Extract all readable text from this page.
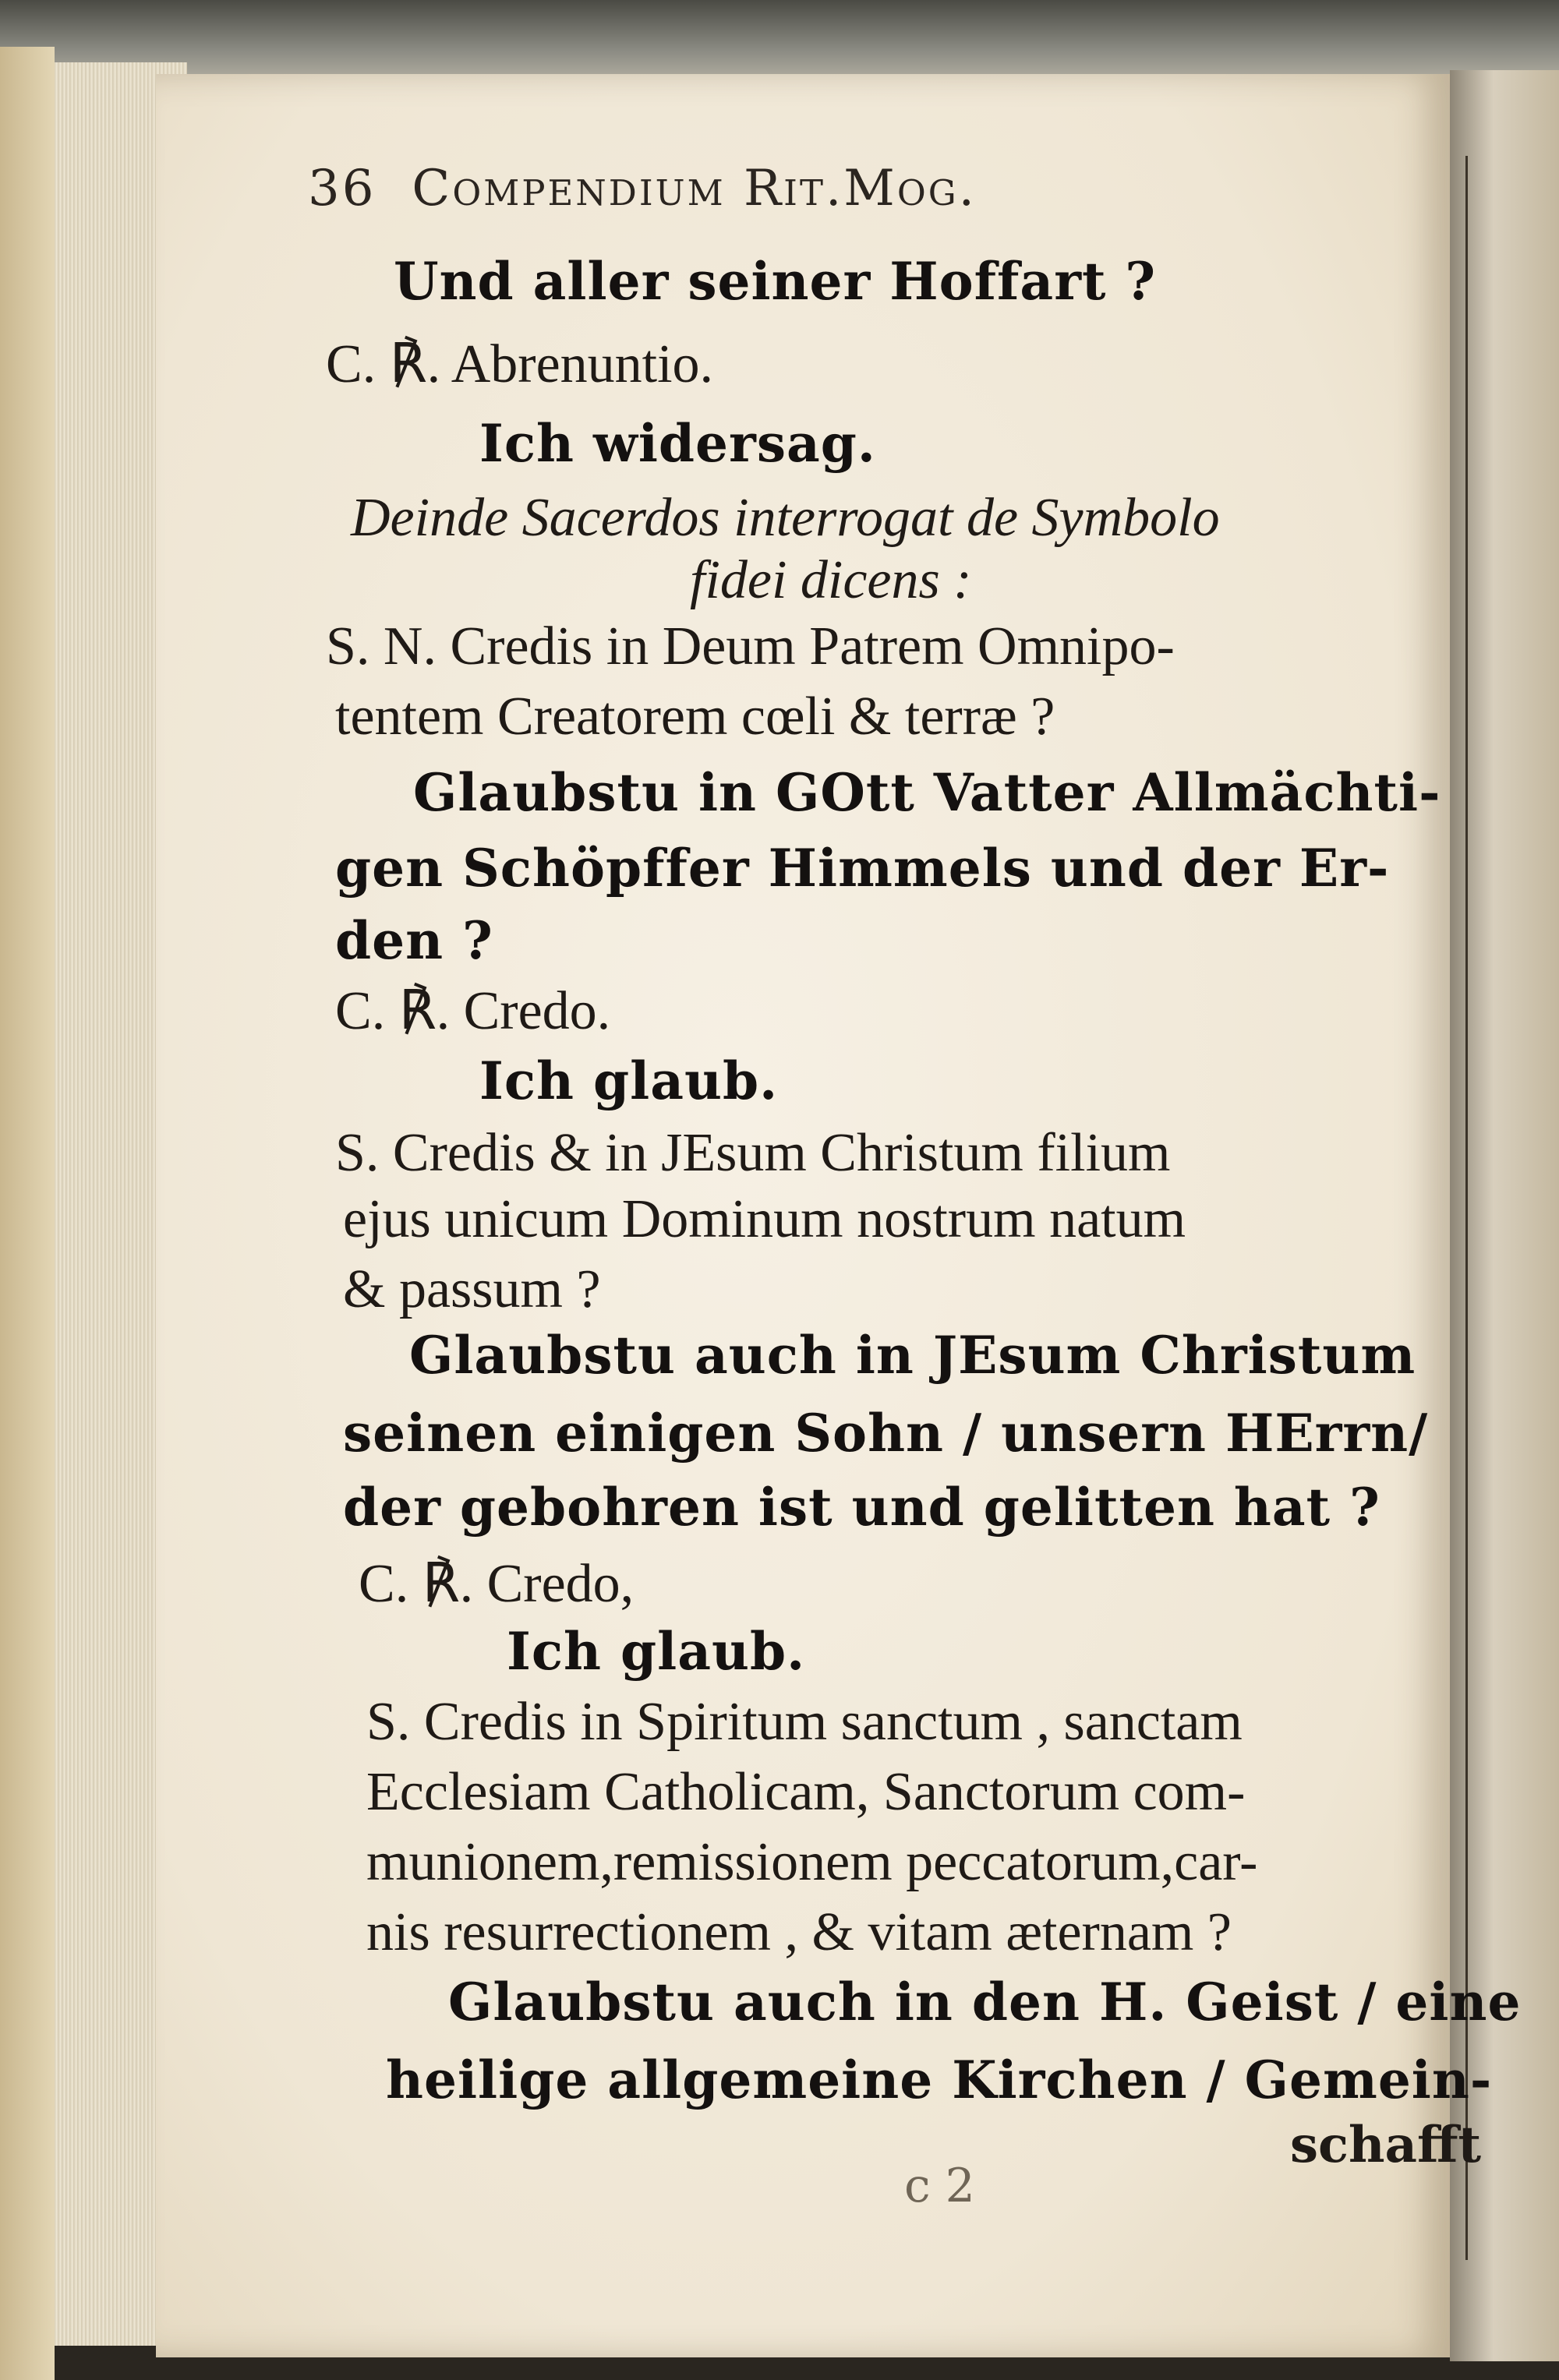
36 Compendium Rit.Mog.
Und aller seiner Hoffart ?
C. ℟. Abrenuntio.
Ich widersag.
Deinde Sacerdos interrogat de Symbolo
fidei dicens :
S. N. Credis in Deum Patrem Omnipo-
tentem Creatorem cœli & terræ ?
Glaubstu in GOtt Vatter Allmächti-
gen Schöpffer Himmels und der Er-
den ?
C. ℟. Credo.
Ich glaub.
S. Credis & in JEsum Christum filium
ejus unicum Dominum nostrum natum
& passum ?
Glaubstu auch in JEsum Christum
seinen einigen Sohn / unsern HErrn/
der gebohren ist und gelitten hat ?
C. ℟. Credo,
Ich glaub.
S. Credis in Spiritum sanctum , sanctam
Ecclesiam Catholicam, Sanctorum com-
munionem,remissionem peccatorum,car-
nis resurrectionem , & vitam æternam ?
Glaubstu auch in den H. Geist / eine
heilige allgemeine Kirchen / Gemein-
schafft
c 2
